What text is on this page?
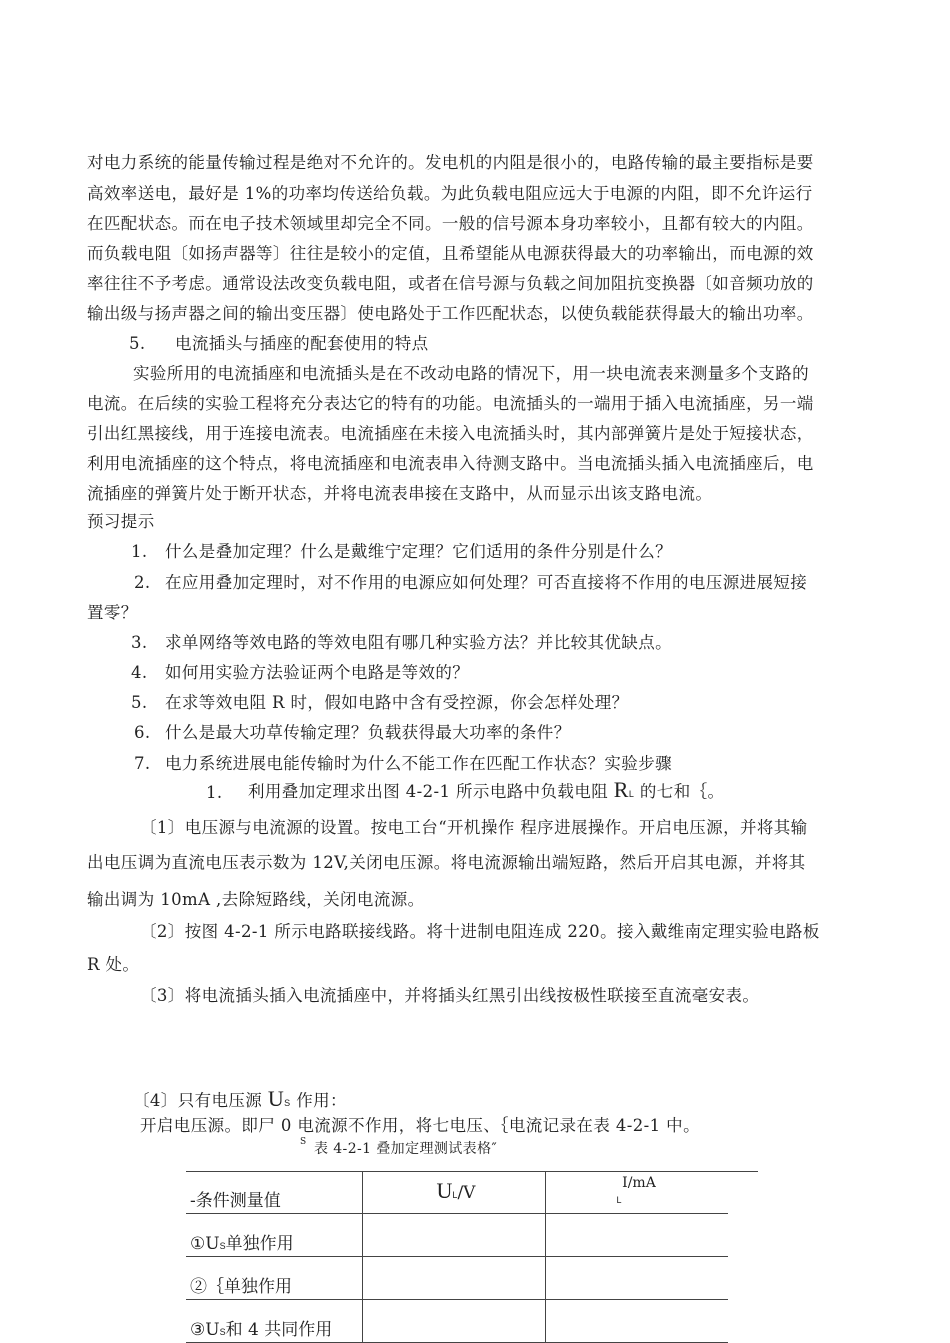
对电力系统的能量传输过程是绝对不允许的。发电机的内阻是很小的，电路传输的最主要指标是要
高效率送电，最好是 1%的功率均传送给负载。为此负载电阻应远大于电源的内阻，即不允许运行
在匹配状态。而在电子技术领域里却完全不同。一般的信号源本身功率较小，且都有较大的内阻。
而负载电阻〔如扬声器等〕往往是较小的定值，且希望能从电源获得最大的功率输出，而电源的效
率往往不予考虑。通常设法改变负载电阻，或者在信号源与负载之间加阻抗变换器〔如音频功放的
输出级与扬声器之间的输出变压器〕使电路处于工作匹配状态，以使负载能获得最大的输出功率。
5. 电流插头与插座的配套使用的特点
实验所用的电流插座和电流插头是在不改动电路的情况下，用一块电流表来测量多个支路的
电流。在后续的实验工程将充分表达它的特有的功能。电流插头的一端用于插入电流插座，另一端
引出红黑接线，用于连接电流表。电流插座在未接入电流插头时，其内部弹簧片是处于短接状态，
利用电流插座的这个特点，将电流插座和电流表串入待测支路中。当电流插头插入电流插座后，电
流插座的弹簧片处于断开状态，并将电流表串接在支路中，从而显示出该支路电流。
预习提示
1. 什么是叠加定理？什么是戴维宁定理？它们适用的条件分别是什么？
2. 在应用叠加定理时，对不作用的电源应如何处理？可否直接将不作用的电压源进展短接
置零？
3. 求单网络等效电路的等效电阻有哪几种实验方法？并比较其优缺点。
4. 如何用实验方法验证两个电路是等效的？
5. 在求等效电阻 R 时，假如电路中含有受控源，你会怎样处理？
6. 什么是最大功草传输定理？负载获得最大功率的条件？
7. 电力系统进展电能传输时为什么不能工作在匹配工作状态？实验步骤
1. 利用叠加定理求出图 4-2-1 所示电路中负载电阻 RL 的七和｛。
〔1〕电压源与电流源的设置。按电工台“开机操作 程序进展操作。开启电压源，并将其输
出电压调为直流电压表示数为 12V,关闭电压源。将电流源输出端短路，然后开启其电源，并将其
输出调为 10mA ,去除短路线，关闭电流源。
〔2〕按图 4-2-1 所示电路联接线路。将十进制电阻连成 220。接入戴维南定理实验电路板
R 处。
〔3〕将电流插头插入电流插座中，并将插头红黑引出线按极性联接至直流毫安表。
〔4〕只有电压源 US 作用：
开启电压源。即尸 0 电流源不作用，将七电压、｛电流记录在表 4-2-1 中。
S 表 4-2-1 叠加定理测试表格″
-条件测量值	UL/V	I/mA
L
①US单独作用		
②｛单独作用		
③US和 4 共同作用		
